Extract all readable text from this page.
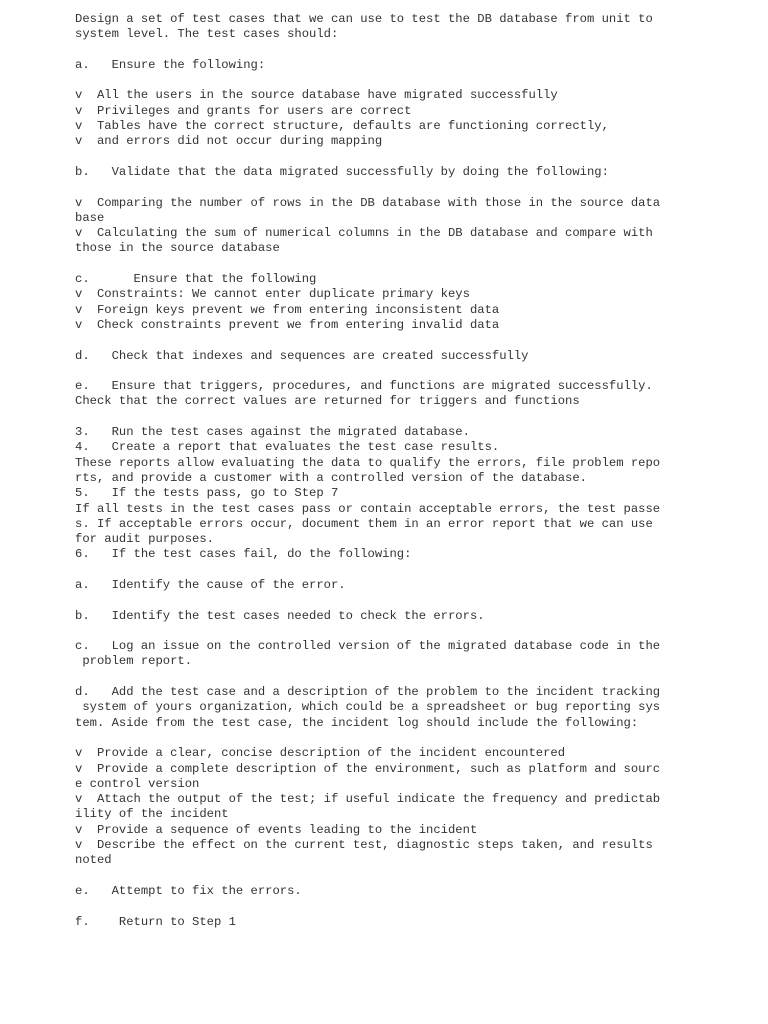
Design a set of test cases that we can use to test the DB database from unit to
system level. The test cases should:
a.   Ensure the following:
v  All the users in the source database have migrated successfully
v  Privileges and grants for users are correct
v  Tables have the correct structure, defaults are functioning correctly,
v  and errors did not occur during mapping
b.   Validate that the data migrated successfully by doing the following:
v  Comparing the number of rows in the DB database with those in the source data
base
v  Calculating the sum of numerical columns in the DB database and compare with
those in the source database
c.      Ensure that the following
v  Constraints: We cannot enter duplicate primary keys
v  Foreign keys prevent we from entering inconsistent data
v  Check constraints prevent we from entering invalid data
d.   Check that indexes and sequences are created successfully
e.   Ensure that triggers, procedures, and functions are migrated successfully.
Check that the correct values are returned for triggers and functions
3.   Run the test cases against the migrated database.
4.   Create a report that evaluates the test case results.
These reports allow evaluating the data to qualify the errors, file problem repo
rts, and provide a customer with a controlled version of the database.
5.   If the tests pass, go to Step 7
If all tests in the test cases pass or contain acceptable errors, the test passe
s. If acceptable errors occur, document them in an error report that we can use
for audit purposes.
6.   If the test cases fail, do the following:
a.   Identify the cause of the error.
b.   Identify the test cases needed to check the errors.
c.   Log an issue on the controlled version of the migrated database code in the
problem report.
d.   Add the test case and a description of the problem to the incident tracking
system of yours organization, which could be a spreadsheet or bug reporting sys
tem. Aside from the test case, the incident log should include the following:
v  Provide a clear, concise description of the incident encountered
v  Provide a complete description of the environment, such as platform and sourc
e control version
v  Attach the output of the test; if useful indicate the frequency and predictab
ility of the incident
v  Provide a sequence of events leading to the incident
v  Describe the effect on the current test, diagnostic steps taken, and results
noted
e.   Attempt to fix the errors.
f.    Return to Step 1
